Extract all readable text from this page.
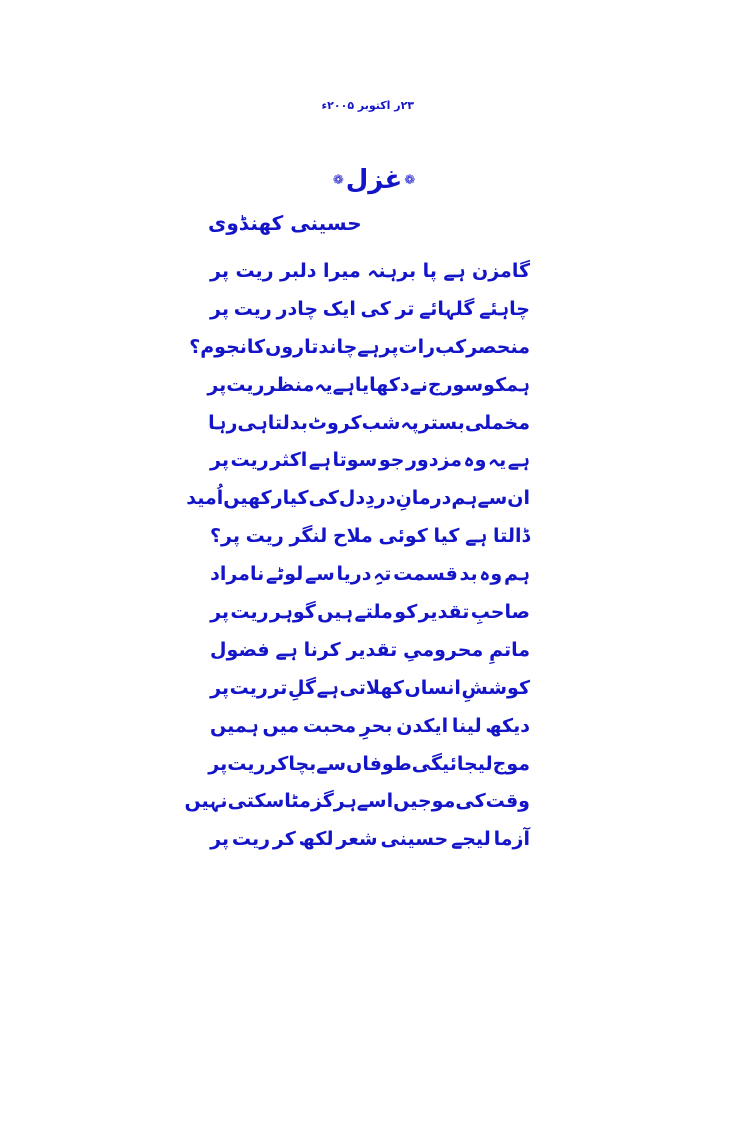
۲۳ر اکتوبر ۲۰۰۵ء
❁ غزل ❁
حسینی کھنڈوی
گامزن
ہے
پا
برہنہ
میرا
دلبر
ریت
پر
چاہئے
گلہائے
تر
کی
ایک
چادر
ریت
پر
منحصر
کب
رات
پر
ہے
چاند
تاروں
کا
نجوم؟
ہمکو
سورج
نے
دکھایا
ہے
یہ
منظر
ریت
پر
مخملی
بستر
پہ
شب
کروٹ
بدلتا
ہی
رہا
ہے
یہ
وہ
مزدور
جو
سوتا
ہے
اکثر
ریت
پر
ان
سے
ہم
درمانِ
دردِ
دل
کی
کیا
رکھیں
اُمید
ڈالتا
ہے
کیا
کوئی
ملاح
لنگر
ریت
پر؟
ہم
وہ
بد
قسمت
تہِ
دریا
سے
لوٹے
نامراد
صاحبِ
تقدیر
کو
ملتے
ہیں
گوہر
ریت
پر
ماتمِ
محرومیِ
تقدیر
کرنا
ہے
فضول
کوششِ
انساں
کھلاتی
ہے
گلِ
تر
ریت
پر
دیکھ
لینا
ایکدن
بحرِ
محبت
میں
ہمیں
موج
لیجائیگی
طوفاں
سے
بچا
کر
ریت
پر
وقت
کی
موجیں
اسے
ہرگز
مٹا
سکتی
نہیں
آزما
لیجے
حسینی
شعر
لکھ
کر
ریت
پر
